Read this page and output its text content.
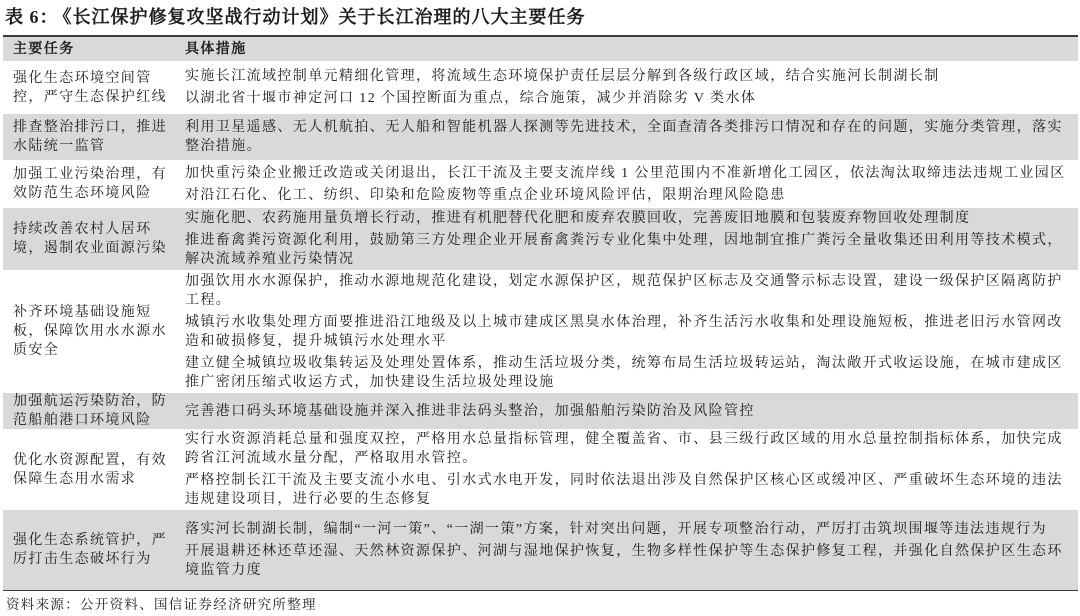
表 6： 《长江保护修复攻坚战行动计划》关于长江治理的八大主要任务
主要任务	具体措施
强化生态环境空间管控，严守生态保护红线

实施长江流域控制单元精细化管理，将流域生态环境保护责任层层分解到各级行政区域，结合实施河长制湖长制

以湖北省十堰市神定河口 12 个国控断面为重点，综合施策，减少并消除劣 V 类水体

排查整治排污口，推进水陆统一监管

利用卫星遥感、无人机航拍、无人船和智能机器人探测等先进技术，全面查清各类排污口情况和存在的问题，实施分类管理，落实整治措施。

加强工业污染治理，有效防范生态环境风险

加快重污染企业搬迁改造或关闭退出，长江干流及主要支流岸线 1 公里范围内不准新增化工园区，依法淘汰取缔违法违规工业园区

对沿江石化、化工、纺织、印染和危险废物等重点企业环境风险评估，限期治理风险隐患

持续改善农村人居环境，遏制农业面源污染

实施化肥、农药施用量负增长行动，推进有机肥替代化肥和废弃农膜回收，完善废旧地膜和包装废弃物回收处理制度

推进畜禽粪污资源化利用，鼓励第三方处理企业开展畜禽粪污专业化集中处理，因地制宜推广粪污全量收集还田利用等技术模式，解决流域养殖业污染情况

补齐环境基础设施短板，保障饮用水水源水质安全

加强饮用水水源保护，推动水源地规范化建设，划定水源保护区，规范保护区标志及交通警示标志设置，建设一级保护区隔离防护工程。

城镇污水收集处理方面要推进沿江地级及以上城市建成区黑臭水体治理，补齐生活污水收集和处理设施短板，推进老旧污水管网改造和破损修复，提升城镇污水处理水平

建立健全城镇垃圾收集转运及处理处置体系，推动生活垃圾分类，统筹布局生活垃圾转运站，淘汰敞开式收运设施，在城市建成区推广密闭压缩式收运方式，加快建设生活垃圾处理设施

加强航运污染防治，防范船舶港口环境风险

完善港口码头环境基础设施并深入推进非法码头整治，加强船舶污染防治及风险管控

优化水资源配置，有效保障生态用水需求

实行水资源消耗总量和强度双控，严格用水总量指标管理，健全覆盖省、市、县三级行政区域的用水总量控制指标体系，加快完成跨省江河流域水量分配，严格取用水管控。

严格控制长江干流及主要支流小水电、引水式水电开发，同时依法退出涉及自然保护区核心区或缓冲区、严重破坏生态环境的违法违规建设项目，进行必要的生态修复

强化生态系统管护，严厉打击生态破坏行为

落实河长制湖长制，编制“一河一策”、“一湖一策”方案，针对突出问题，开展专项整治行动，严厉打击筑坝围堰等违法违规行为

开展退耕还林还草还湿、天然林资源保护、河湖与湿地保护恢复，生物多样性保护等生态保护修复工程，并强化自然保护区生态环境监管力度

资料来源：公开资料、国信证券经济研究所整理
